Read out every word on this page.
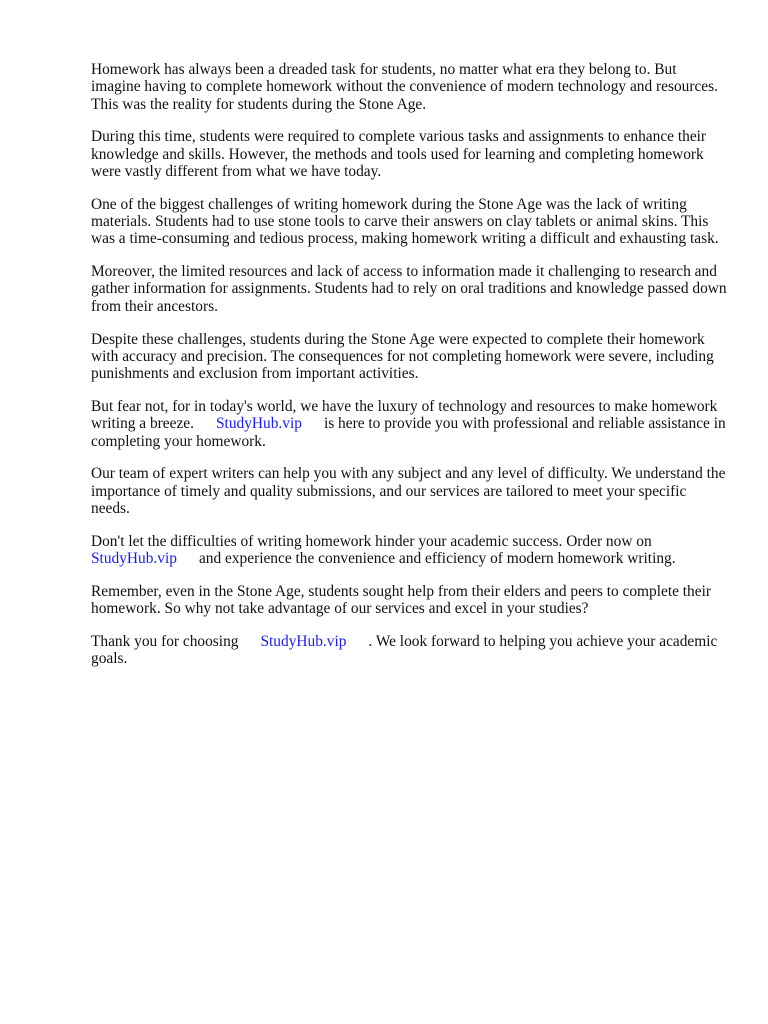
Homework has always been a dreaded task for students, no matter what era they belong to. But imagine having to complete homework without the convenience of modern technology and resources. This was the reality for students during the Stone Age.

During this time, students were required to complete various tasks and assignments to enhance their knowledge and skills. However, the methods and tools used for learning and completing homework were vastly different from what we have today.

One of the biggest challenges of writing homework during the Stone Age was the lack of writing materials. Students had to use stone tools to carve their answers on clay tablets or animal skins. This was a time-consuming and tedious process, making homework writing a difficult and exhausting task.

Moreover, the limited resources and lack of access to information made it challenging to research and gather information for assignments. Students had to rely on oral traditions and knowledge passed down from their ancestors.

Despite these challenges, students during the Stone Age were expected to complete their homework with accuracy and precision. The consequences for not completing homework were severe, including punishments and exclusion from important activities.

But fear not, for in today's world, we have the luxury of technology and resources to make homework writing a breeze. StudyHub.vip is here to provide you with professional and reliable assistance in completing your homework.

Our team of expert writers can help you with any subject and any level of difficulty. We understand the importance of timely and quality submissions, and our services are tailored to meet your specific needs.

Don't let the difficulties of writing homework hinder your academic success. Order now on
StudyHub.vip and experience the convenience and efficiency of modern homework writing.

Remember, even in the Stone Age, students sought help from their elders and peers to complete their homework. So why not take advantage of our services and excel in your studies?

Thank you for choosing StudyHub.vip . We look forward to helping you achieve your academic goals.
